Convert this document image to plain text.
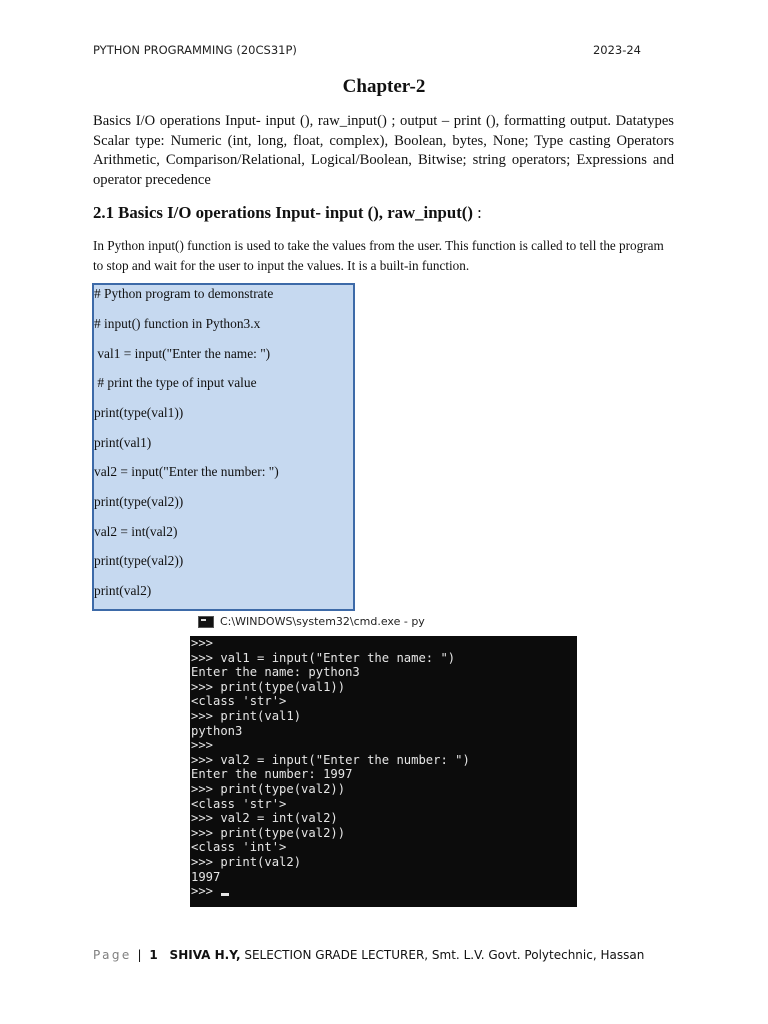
PYTHON PROGRAMMING (20CS31P)	2023-24
Chapter-2

Basics I/O operations Input- input (), raw_input() ; output – print (), formatting output. Datatypes Scalar type: Numeric (int, long, float, complex), Boolean, bytes, None; Type casting Operators Arithmetic, Comparison/Relational, Logical/Boolean, Bitwise; string operators; Expressions and operator precedence

2.1 Basics I/O operations Input- input (), raw_input() :

In Python input() function is used to take the values from the user. This function is called to tell the program to stop and wait for the user to input the values. It is a built-in function.

# Python program to demonstrate
# input() function in Python3.x
val1 = input("Enter the name: ")
# print the type of input value
print(type(val1))
print(val1)
val2 = input("Enter the number: ")
print(type(val2))
val2 = int(val2)
print(type(val2))
print(val2)
C:\WINDOWS\system32\cmd.exe - py
>>>
>>> val1 = input("Enter the name: ")
Enter the name: python3
>>> print(type(val1))
<class 'str'>
>>> print(val1)
python3
>>>
>>> val2 = input("Enter the number: ")
Enter the number: 1997
>>> print(type(val2))
<class 'str'>
>>> val2 = int(val2)
>>> print(type(val2))
<class 'int'>
>>> print(val2)
1997
>>>
Page | 1 SHIVA H.Y, SELECTION GRADE LECTURER, Smt. L.V. Govt. Polytechnic, Hassan
